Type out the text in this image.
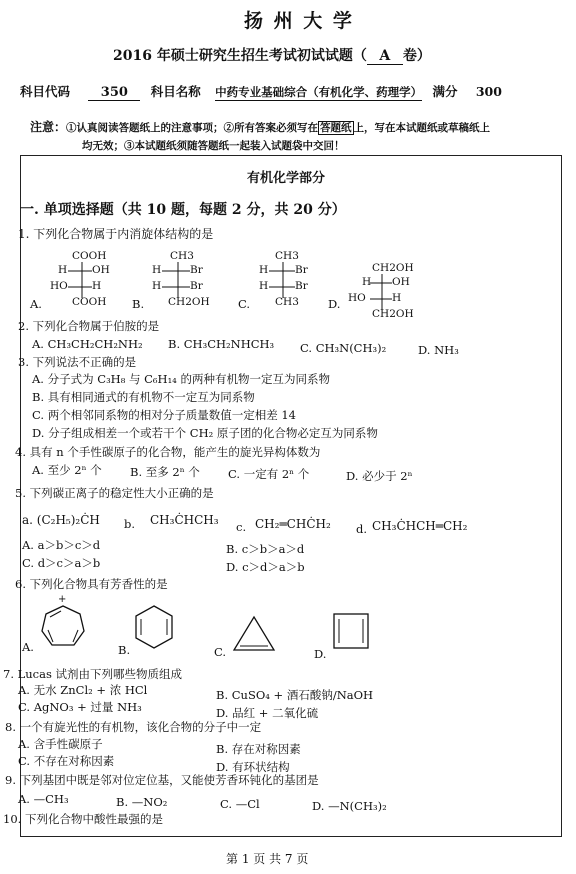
扬 州 大 学
2016 年硕士研究生招生考试初试试题（ A 卷）
科目代码 350 科目名称 中药专业基础综合（有机化学、药理学） 满分 300
注意：①认真阅读答题纸上的注意事项；②所有答案必须写在 答题纸 上，写在本试题纸或草稿纸上
均无效；③本试题纸须随答题纸一起装入试题袋中交回！
有机化学部分
一. 单项选择题（共 10 题，每题 2 分，共 20 分）
1. 下列化合物属于内消旋体结构的是
COOH
H OH
HO H
COOH
A.
CH3
H	Br
H	Br
CH2OH
B.
CH3
H	Br
H	Br
CH3
C.
CH2OH
H OH
HO H
CH2OH
D.
2. 下列化合物属于伯胺的是
A. CH₃CH₂CH₂NH₂ B. CH₃CH₂NHCH₃ C. CH₃N(CH₃)₂	D. NH₃
3. 下列说法不正确的是
A. 分子式为 C₃H₈ 与 C₆H₁₄ 的两种有机物一定互为同系物
B. 具有相同通式的有机物不一定互为同系物
C. 两个相邻同系物的相对分子质量数值一定相差 14
D. 分子组成相差一个或若干个 CH₂ 原子团的化合物必定互为同系物
4. 具有 n 个手性碳原子的化合物，能产生的旋光异构体数为
A. 至少 2ⁿ 个 B. 至多 2ⁿ 个 C. 一定有 2ⁿ 个	D. 必少于 2ⁿ
5. 下列碳正离子的稳定性大小正确的是
a. (C₂H₅)₂ĊH b. CH₃ĊHCH₃ c. CH₂═CHĊH₂ d. CH₃ĊHCH═CH₂
A. a＞b＞c＞d	B. c＞b＞a＞d
C. d＞c＞a＞b	D. c＞d＞a＞b
6. 下列化合物具有芳香性的是
+
A.	B.	C.	D.
7. Lucas 试剂由下列哪些物质组成
A. 无水 ZnCl₂ + 浓 HCl	B. CuSO₄ + 酒石酸钠/NaOH
C. AgNO₃ + 过量 NH₃	D. 品红 + 二氧化硫
8. 一个有旋光性的有机物，该化合物的分子中一定
A. 含手性碳原子	B. 存在对称因素
C. 不存在对称因素	D. 有环状结构
9. 下列基团中既是邻对位定位基，又能使芳香环钝化的基团是
A. —CH₃	B. —NO₂	C. —Cl	D. —N(CH₃)₂
10. 下列化合物中酸性最强的是
第 1 页 共 7 页
